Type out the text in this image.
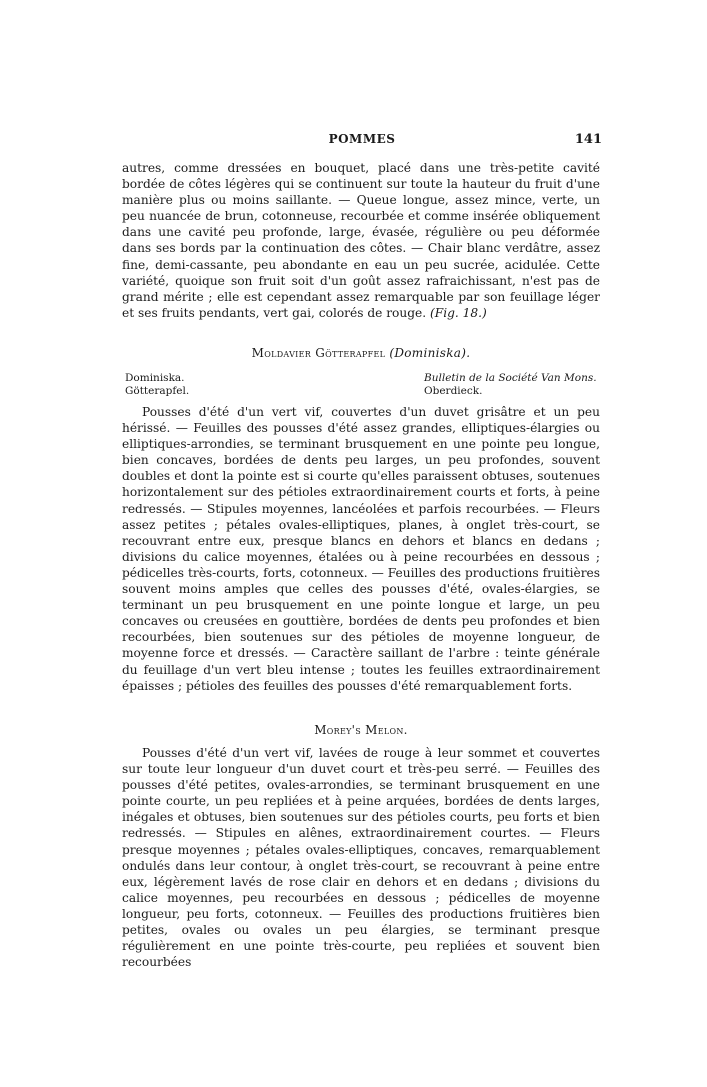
POMMES	141

autres, comme dressées en bouquet, placé dans une très-petite cavité bordée de côtes légères qui se continuent sur toute la hauteur du fruit d'une manière plus ou moins saillante. — Queue longue, assez mince, verte, un peu nuancée de brun, cotonneuse, recourbée et comme insérée obliquement dans une cavité peu profonde, large, évasée, régulière ou peu déformée dans ses bords par la continuation des côtes. — Chair blanc verdâtre, assez fine, demi-cassante, peu abondante en eau un peu sucrée, acidulée. Cette variété, quoique son fruit soit d'un goût assez rafraichissant, n'est pas de grand mérite ; elle est cependant assez remarquable par son feuillage léger et ses fruits pendants, vert gai, colorés de rouge. (Fig. 18.)

Moldavier Götterapfel (Dominiska).
Dominiska.	Bulletin de la Société Van Mons.
Götterapfel.	Oberdieck.

Pousses d'été d'un vert vif, couvertes d'un duvet grisâtre et un peu hérissé. — Feuilles des pousses d'été assez grandes, elliptiques-élargies ou elliptiques-arrondies, se terminant brusquement en une pointe peu longue, bien concaves, bordées de dents peu larges, un peu profondes, souvent doubles et dont la pointe est si courte qu'elles paraissent obtuses, soutenues horizontalement sur des pétioles extraordinairement courts et forts, à peine redressés. — Stipules moyennes, lancéolées et parfois recourbées. — Fleurs assez petites ; pétales ovales-elliptiques, planes, à onglet très-court, se recouvrant entre eux, presque blancs en dehors et blancs en dedans ; divisions du calice moyennes, étalées ou à peine recourbées en dessous ; pédicelles très-courts, forts, cotonneux. — Feuilles des productions fruitières souvent moins amples que celles des pousses d'été, ovales-élargies, se terminant un peu brusquement en une pointe longue et large, un peu concaves ou creusées en gouttière, bordées de dents peu profondes et bien recourbées, bien soutenues sur des pétioles de moyenne longueur, de moyenne force et dressés. — Caractère saillant de l'arbre : teinte générale du feuillage d'un vert bleu intense ; toutes les feuilles extraordinairement épaisses ; pétioles des feuilles des pousses d'été remarquablement forts.

Morey's Melon.

Pousses d'été d'un vert vif, lavées de rouge à leur sommet et couvertes sur toute leur longueur d'un duvet court et très-peu serré. — Feuilles des pousses d'été petites, ovales-arrondies, se terminant brusquement en une pointe courte, un peu repliées et à peine arquées, bordées de dents larges, inégales et obtuses, bien soutenues sur des pétioles courts, peu forts et bien redressés. — Stipules en alênes, extraordinairement courtes. — Fleurs presque moyennes ; pétales ovales-elliptiques, concaves, remarquablement ondulés dans leur contour, à onglet très-court, se recouvrant à peine entre eux, légèrement lavés de rose clair en dehors et en dedans ; divisions du calice moyennes, peu recourbées en dessous ; pédicelles de moyenne longueur, peu forts, cotonneux. — Feuilles des productions fruitières bien petites, ovales ou ovales un peu élargies, se terminant presque régulièrement en une pointe très-courte, peu repliées et souvent bien recourbées
